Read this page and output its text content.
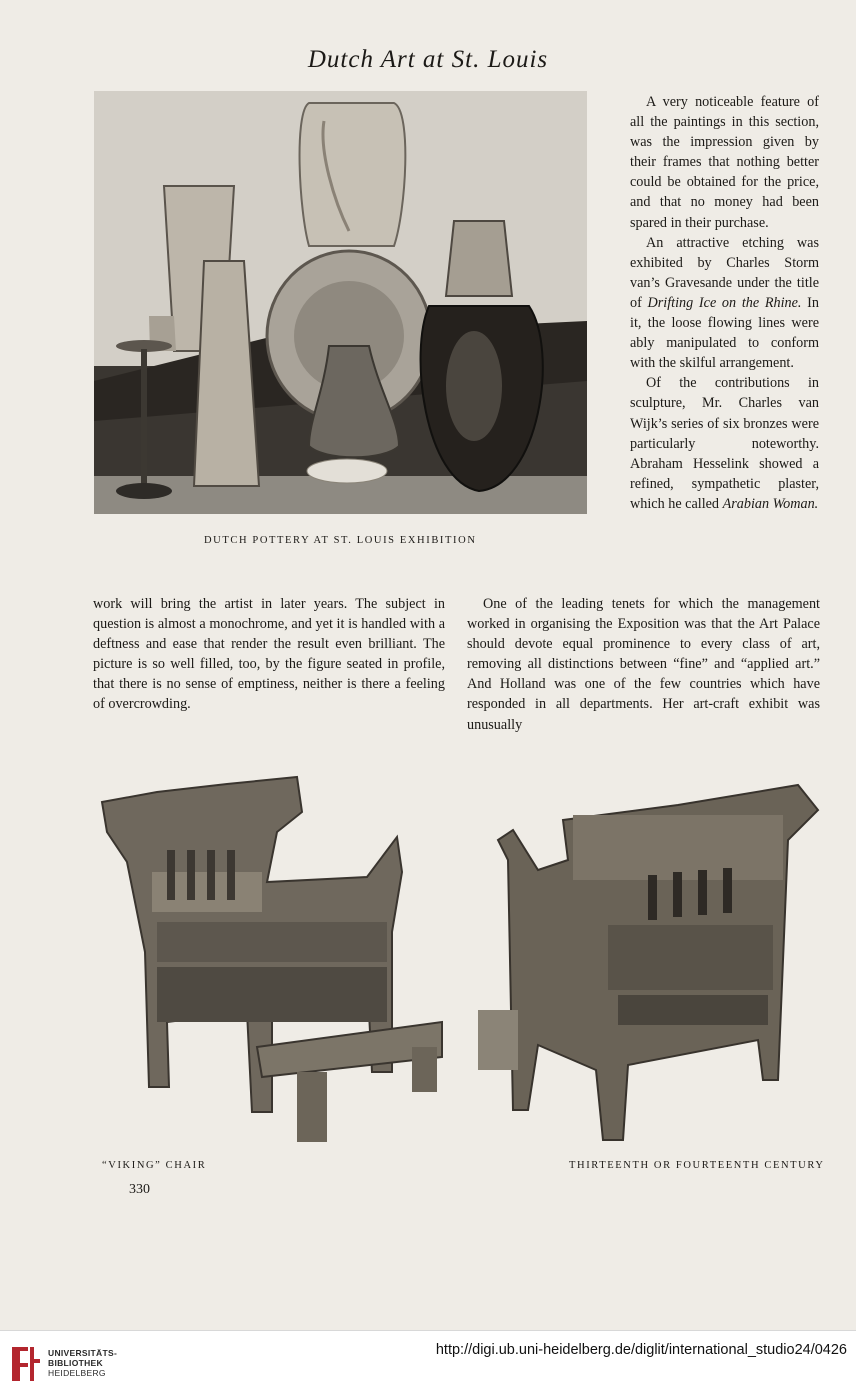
Dutch Art at St. Louis
DUTCH POTTERY AT ST. LOUIS EXHIBITION

A very noticeable feature of all the paintings in this section, was the impression given by their frames that nothing better could be obtained for the price, and that no money had been spared in their purchase.

An attractive etching was exhibited by Charles Storm van’s Gravesande under the title of Drifting Ice on the Rhine. In it, the loose flowing lines were ably manipulated to conform with the skilful arrangement.

Of the contributions in sculpture, Mr. Charles van Wijk’s series of six bronzes were particularly noteworthy. Abraham Hesselink showed a refined, sympathetic plaster, which he called Arabian Woman.

work will bring the artist in later years. The subject in question is almost a monochrome, and yet it is handled with a deftness and ease that render the result even brilliant. The picture is so well filled, too, by the figure seated in profile, that there is no sense of emptiness, neither is there a feeling of overcrowding.

One of the leading tenets for which the management worked in organising the Exposition was that the Art Palace should devote equal prominence to every class of art, removing all distinctions between “fine” and “applied art.” And Holland was one of the few countries which have responded in all departments. Her art-craft exhibit was unusually

“VIKING” CHAIR	THIRTEENTH OR FOURTEENTH CENTURY
330
UNIVERSITÄTS-
BIBLIOTHEK
HEIDELBERG
http://digi.ub.uni-heidelberg.de/diglit/international_studio24/0426
